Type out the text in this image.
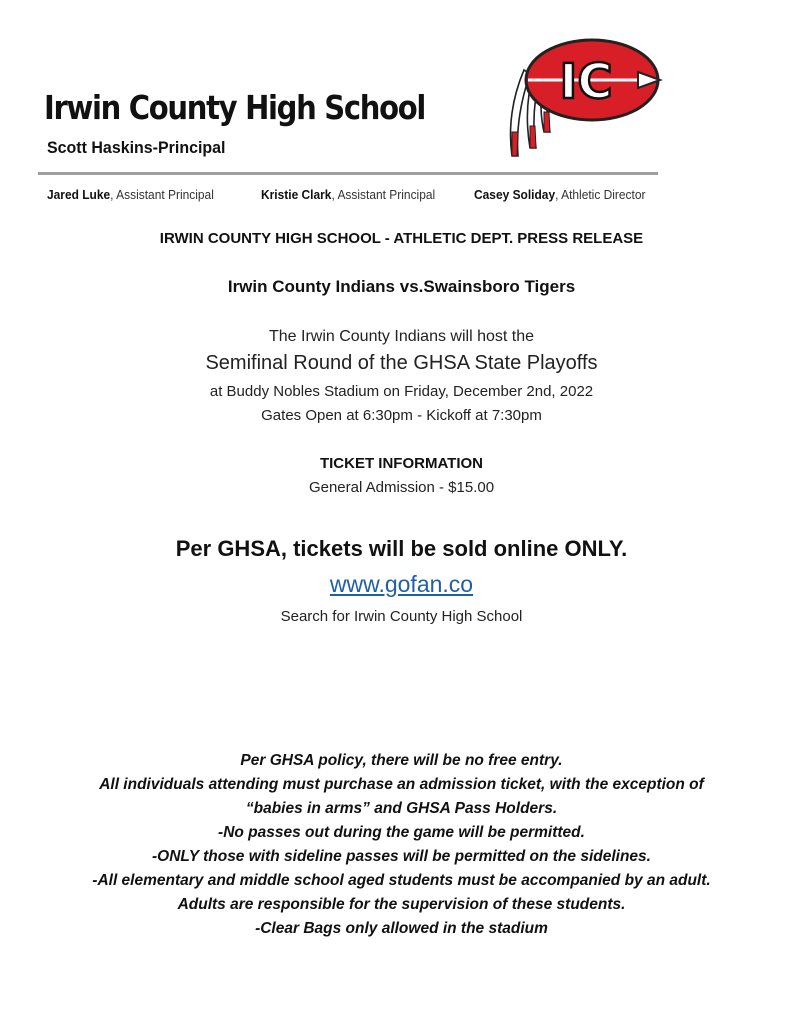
Irwin County High School
Scott Haskins-Principal
IC
Jared Luke, Assistant Principal	Kristie Clark, Assistant Principal	Casey Soliday, Athletic Director
IRWIN COUNTY HIGH SCHOOL - ATHLETIC DEPT. PRESS RELEASE
Irwin County Indians vs.Swainsboro Tigers
The Irwin County Indians will host the
Semifinal Round of the GHSA State Playoffs
at Buddy Nobles Stadium on Friday, December 2nd, 2022
Gates Open at 6:30pm - Kickoff at 7:30pm
TICKET INFORMATION
General Admission - $15.00
Per GHSA, tickets will be sold online ONLY.
www.gofan.co
Search for Irwin County High School
Per GHSA policy, there will be no free entry.
All individuals attending must purchase an admission ticket, with the exception of
“babies in arms” and GHSA Pass Holders.
-No passes out during the game will be permitted.
-ONLY those with sideline passes will be permitted on the sidelines.
-All elementary and middle school aged students must be accompanied by an adult.
Adults are responsible for the supervision of these students.
-Clear Bags only allowed in the stadium
